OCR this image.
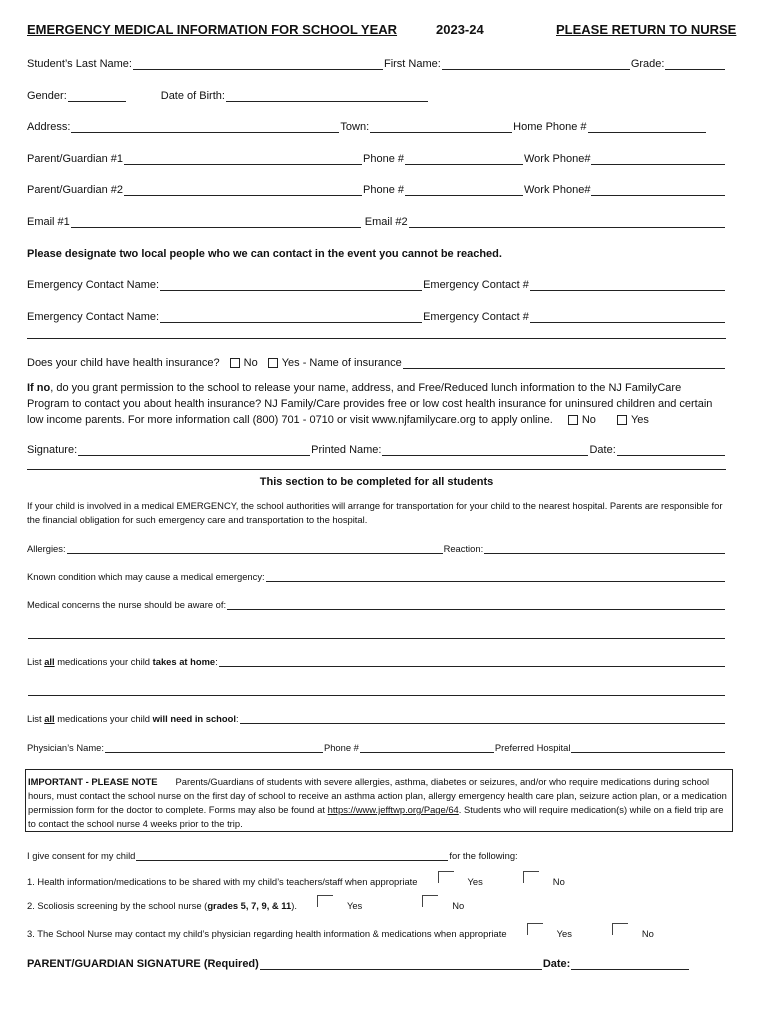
EMERGENCY MEDICAL INFORMATION FOR SCHOOL YEAR	2023-24	PLEASE RETURN TO NURSE
Student’s Last Name:	First Name:	Grade:
Gender:	Date of Birth:
Address:	Town:	Home Phone #
Parent/Guardian #1	Phone #	Work Phone#
Parent/Guardian #2	Phone #	Work Phone#
Email #1	Email #2
Please designate two local people who we can contact in the event you cannot be reached.
Emergency Contact Name:	Emergency Contact #
Emergency Contact Name:	Emergency Contact #
Does your child have health insurance? No Yes - Name of insurance
If no, do you grant permission to the school to release your name, address, and Free/Reduced lunch information to the NJ FamilyCare Program to contact you about health insurance? NJ Family/Care provides free or low cost health insurance for uninsured children and certain low income parents. For more information call (800) 701 - 0710 or visit www.njfamilycare.org to apply online.	No	Yes
Signature:	Printed Name:	Date:
This section to be completed for all students
If your child is involved in a medical EMERGENCY, the school authorities will arrange for transportation for your child to the nearest hospital. Parents are responsible for the financial obligation for such emergency care and transportation to the hospital.
Allergies:	Reaction:
Known condition which may cause a medical emergency:
Medical concerns the nurse should be aware of:
List
all
medications your child
takes at home :
List
all
medications your child
will need in school :
Physician’s Name:	Phone #	Preferred Hospital
IMPORTANT - PLEASE NOTE Parents/Guardians of students with severe allergies, asthma, diabetes or seizures, and/or who require medications during school hours, must contact the school nurse on the first day of school to receive an asthma action plan, allergy emergency health care plan, seizure action plan, or a medication permission form for the doctor to complete. Forms may also be found at https://www.jefftwp.org/Page/64. Students who will require medication(s) while on a field trip are to contact the school nurse 4 weeks prior to the trip.
I give consent for my child	for the following:
1. Health information/medications to be shared with my child’s teachers/staff when appropriate	Yes	No
2. Scoliosis screening by the school nurse ( grades 5, 7, 9, & 11 ).	Yes	No
3. The School Nurse may contact my child’s physician regarding health information & medications when appropriate	Yes	No
PARENT/GUARDIAN SIGNATURE (Required)	Date:
